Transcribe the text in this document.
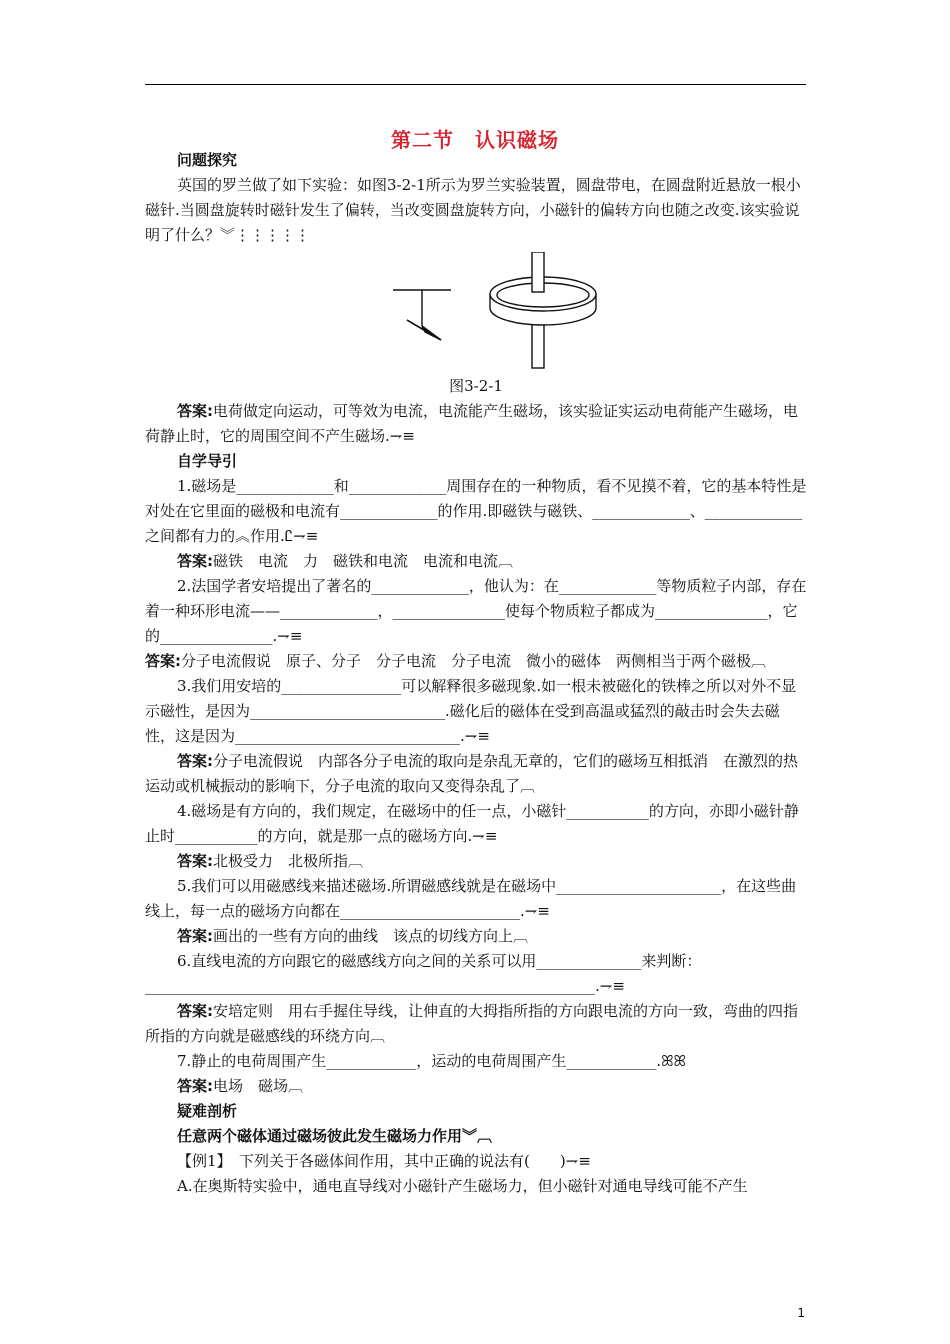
第二节　认识磁场

问题探究

英国的罗兰做了如下实验：如图3-2-1所示为罗兰实验装置，圆盘带电，在圆盘附近悬放一根小磁针.当圆盘旋转时磁针发生了偏转，当改变圆盘旋转方向，小磁针的偏转方向也随之改变.该实验说明了什么？︾⋮⋮⋮⋮⋮

图3-2-1

答案:电荷做定向运动，可等效为电流，电流能产生磁场，该实验证实运动电荷能产生磁场，电荷静止时，它的周围空间不产生磁场.⇁≡

自学导引

1.磁场是_____________和_____________周围存在的一种物质，看不见摸不着，它的基本特性是对处在它里面的磁极和电流有_____________的作用.即磁铁与磁铁、_____________、_____________之间都有力的︽作用.Ꮭ⇁≡

答案:磁铁　电流　力　磁铁和电流　电流和电流︹

2.法国学者安培提出了著名的_____________，他认为：在_____________等物质粒子内部，存在着一种环形电流——_____________，_______________使每个物质粒子都成为_______________，它的_______________.⇁≡

答案:分子电流假说　原子、分子　分子电流　分子电流　微小的磁体　两侧相当于两个磁极︹

3.我们用安培的________________可以解释很多磁现象.如一根未被磁化的铁棒之所以对外不显示磁性，是因为__________________________.磁化后的磁体在受到高温或猛烈的敲击时会失去磁性，这是因为______________________________.⇁≡

答案:分子电流假说　内部各分子电流的取向是杂乱无章的，它们的磁场互相抵消　在激烈的热运动或机械振动的影响下，分子电流的取向又变得杂乱了︹

4.磁场是有方向的，我们规定，在磁场中的任一点，小磁针___________的方向，亦即小磁针静止时___________的方向，就是那一点的磁场方向.⇁≡

答案:北极受力　北极所指︹

5.我们可以用磁感线来描述磁场.所谓磁感线就是在磁场中______________________，在这些曲线上，每一点的磁场方向都在________________________.⇁≡

答案:画出的一些有方向的曲线　该点的切线方向上︹

6.直线电流的方向跟它的磁感线方向之间的关系可以用______________来判断：____________________________________________________________.⇁≡

答案:安培定则　用右手握住导线，让伸直的大拇指所指的方向跟电流的方向一致，弯曲的四指所指的方向就是磁感线的环绕方向︹

7.静止的电荷周围产生____________，运动的电荷周围产生____________.ꕤꕤ

答案:电场　磁场︹

疑难剖析

任意两个磁体通过磁场彼此发生磁场力作用︾︹

【例1】　下列关于各磁体间作用，其中正确的说法有(　　)⇁≡

A.在奥斯特实验中，通电直导线对小磁针产生磁场力，但小磁针对通电导线可能不产生

1
